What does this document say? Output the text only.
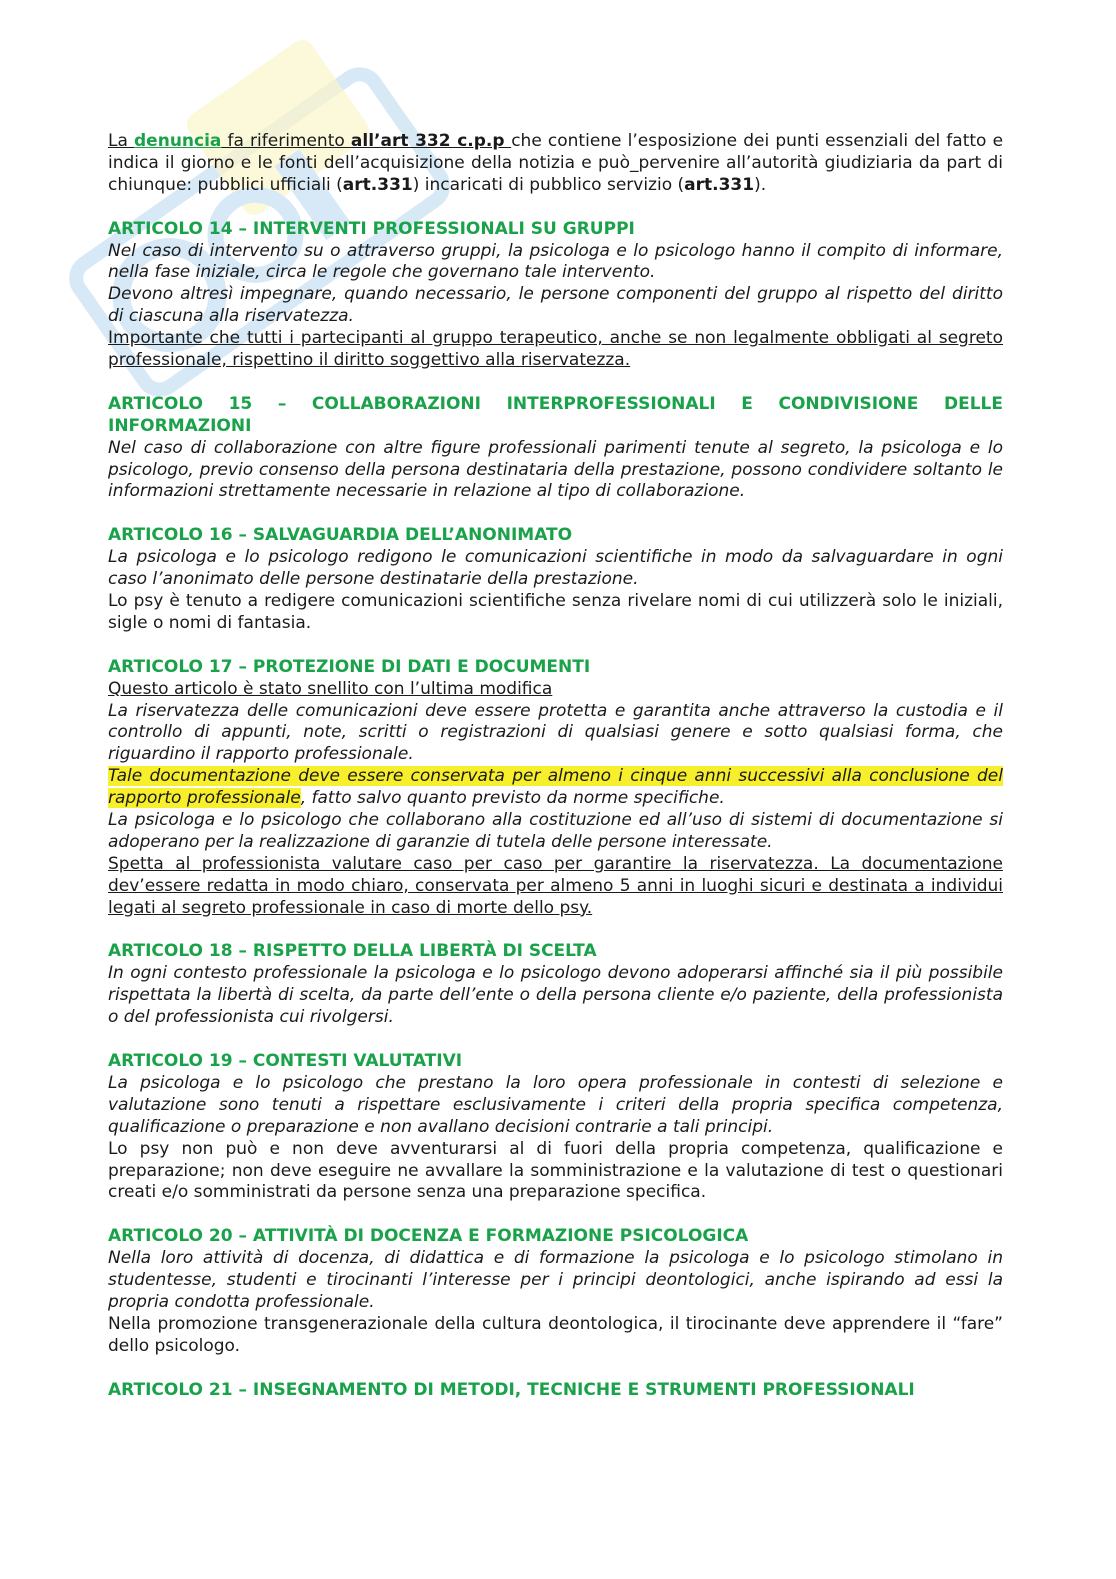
La denuncia fa riferimento all’art 332 c.p.p che contiene l’esposizione dei punti essenziali del fatto e indica il giorno e le fonti dell’acquisizione della notizia e può_pervenire all’autorità giudiziaria da part di chiunque: pubblici ufficiali (art.331) incaricati di pubblico servizio (art.331).

ARTICOLO 14 – INTERVENTI PROFESSIONALI SU GRUPPI

Nel caso di intervento su o attraverso gruppi, la psicologa e lo psicologo hanno il compito di informare, nella fase iniziale, circa le regole che governano tale intervento.

Devono altresì impegnare, quando necessario, le persone componenti del gruppo al rispetto del diritto di ciascuna alla riservatezza.

Importante che tutti i partecipanti al gruppo terapeutico, anche se non legalmente obbligati al segreto professionale, rispettino il diritto soggettivo alla riservatezza.

ARTICOLO 15 – COLLABORAZIONI INTERPROFESSIONALI E CONDIVISIONE DELLE INFORMAZIONI

Nel caso di collaborazione con altre figure professionali parimenti tenute al segreto, la psicologa e lo psicologo, previo consenso della persona destinataria della prestazione, possono condividere soltanto le informazioni strettamente necessarie in relazione al tipo di collaborazione.

ARTICOLO 16 – SALVAGUARDIA DELL’ANONIMATO

La psicologa e lo psicologo redigono le comunicazioni scientifiche in modo da salvaguardare in ogni caso l’anonimato delle persone destinatarie della prestazione.

Lo psy è tenuto a redigere comunicazioni scientifiche senza rivelare nomi di cui utilizzerà solo le iniziali, sigle o nomi di fantasia.

ARTICOLO 17 – PROTEZIONE DI DATI E DOCUMENTI

Questo articolo è stato snellito con l’ultima modifica

La riservatezza delle comunicazioni deve essere protetta e garantita anche attraverso la custodia e il controllo di appunti, note, scritti o registrazioni di qualsiasi genere e sotto qualsiasi forma, che riguardino il rapporto professionale.

Tale documentazione deve essere conservata per almeno i cinque anni successivi alla conclusione del rapporto professionale, fatto salvo quanto previsto da norme specifiche.

La psicologa e lo psicologo che collaborano alla costituzione ed all’uso di sistemi di documentazione si adoperano per la realizzazione di garanzie di tutela delle persone interessate.

Spetta al professionista valutare caso per caso per garantire la riservatezza. La documentazione dev’essere redatta in modo chiaro, conservata per almeno 5 anni in luoghi sicuri e destinata a individui legati al segreto professionale in caso di morte dello psy.

ARTICOLO 18 – RISPETTO DELLA LIBERTÀ DI SCELTA

In ogni contesto professionale la psicologa e lo psicologo devono adoperarsi affinché sia il più possibile rispettata la libertà di scelta, da parte dell’ente o della persona cliente e/o paziente, della professionista o del professionista cui rivolgersi.

ARTICOLO 19 – CONTESTI VALUTATIVI

La psicologa e lo psicologo che prestano la loro opera professionale in contesti di selezione e valutazione sono tenuti a rispettare esclusivamente i criteri della propria specifica competenza, qualificazione o preparazione e non avallano decisioni contrarie a tali principi.

Lo psy non può e non deve avventurarsi al di fuori della propria competenza, qualificazione e preparazione; non deve eseguire ne avvallare la somministrazione e la valutazione di test o questionari creati e/o somministrati da persone senza una preparazione specifica.

ARTICOLO 20 – ATTIVITÀ DI DOCENZA E FORMAZIONE PSICOLOGICA

Nella loro attività di docenza, di didattica e di formazione la psicologa e lo psicologo stimolano in studentesse, studenti e tirocinanti l’interesse per i principi deontologici, anche ispirando ad essi la propria condotta professionale.

Nella promozione transgenerazionale della cultura deontologica, il tirocinante deve apprendere il “fare” dello psicologo.

ARTICOLO 21 – INSEGNAMENTO DI METODI, TECNICHE E STRUMENTI PROFESSIONALI
